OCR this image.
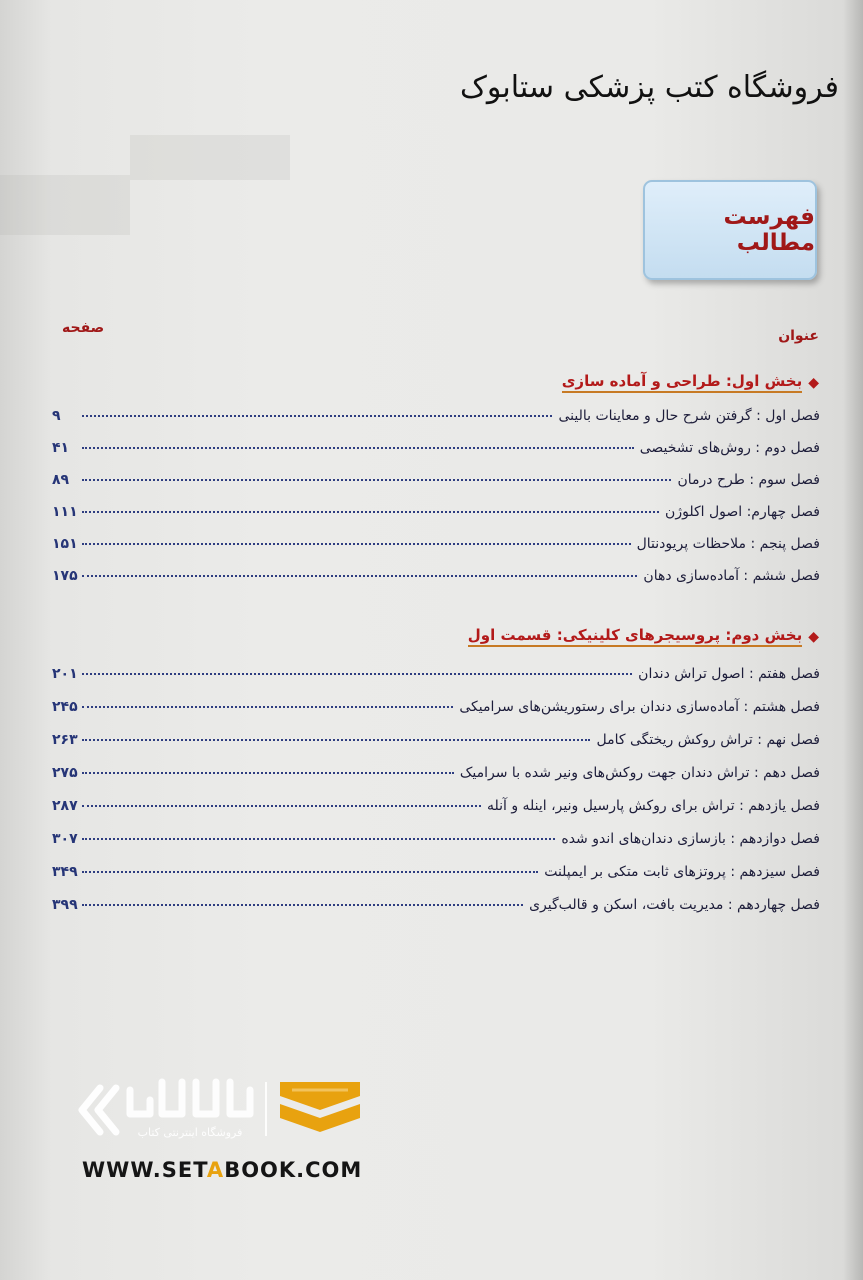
فروشگاه کتب پزشکی ستابوک
فهرست مطالب
عنوان
صفحه
◆
بخش اول: طراحی و آماده سازی
فصل اول : گرفتن شرح حال و معاینات بالینی
۹
فصل دوم : روش‌های تشخیصی
۴۱
فصل سوم : طرح درمان
۸۹
فصل چهارم: اصول اکلوژن
۱۱۱
فصل پنجم : ملاحظات پریودنتال
۱۵۱
فصل ششم : آماده‌سازی دهان
۱۷۵
◆
بخش دوم: پروسیجرهای کلینیکی: قسمت اول
فصل هفتم : اصول تراش دندان
۲۰۱
فصل هشتم : آماده‌سازی دندان برای رستوریشن‌های سرامیکی
۲۴۵
فصل نهم : تراش روکش ریختگی کامل
۲۶۳
فصل دهم : تراش دندان جهت روکش‌های ونیر شده با سرامیک
۲۷۵
فصل یازدهم : تراش برای روکش پارسیل ونیر، اینله و آنله
۲۸۷
فصل دوازدهم : بازسازی دندان‌های اندو شده
۳۰۷
فصل سیزدهم : پروتزهای ثابت متکی بر ایمپلنت
۳۴۹
فصل چهاردهم : مدیریت بافت، اسکن و قالب‌گیری
۳۹۹
فروشگاه اینترنتی کتاب
WWW.SETABOOK.COM
